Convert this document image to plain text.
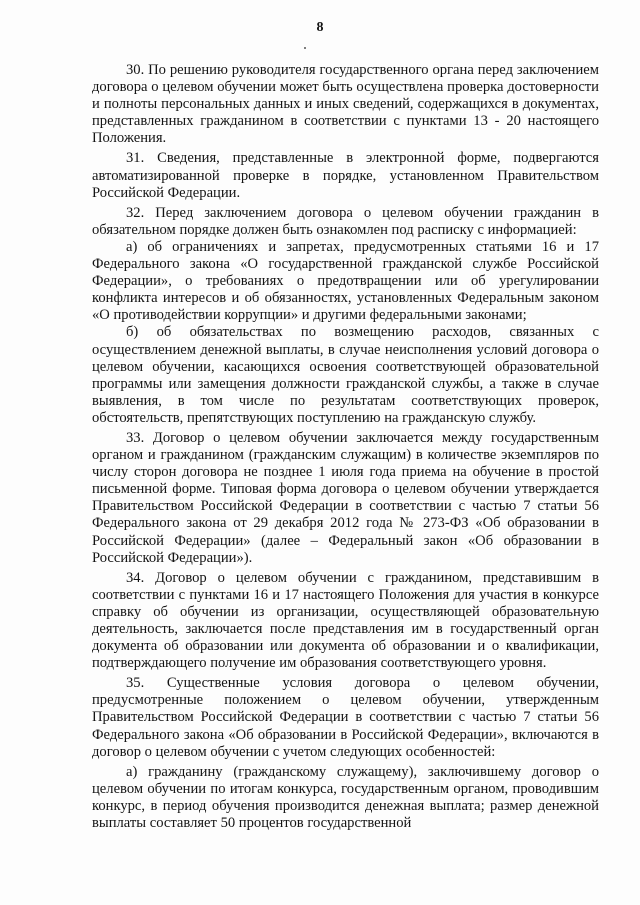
8

30. По решению руководителя государственного органа перед заключением договора о целевом обучении может быть осуществлена проверка достоверности и полноты персональных данных и иных сведений, содержащихся в документах, представленных гражданином в соответствии с пунктами 13 - 20 настоящего Положения.

31. Сведения, представленные в электронной форме, подвергаются автоматизированной проверке в порядке, установленном Правительством Российской Федерации.

32. Перед заключением договора о целевом обучении гражданин в обязательном порядке должен быть ознакомлен под расписку с информацией:

а) об ограничениях и запретах, предусмотренных статьями 16 и 17 Федерального закона «О государственной гражданской службе Российской Федерации», о требованиях о предотвращении или об урегулировании конфликта интересов и об обязанностях, установленных Федеральным законом «О противодействии коррупции» и другими федеральными законами;

б) об обязательствах по возмещению расходов, связанных с осуществлением денежной выплаты, в случае неисполнения условий договора о целевом обучении, касающихся освоения соответствующей образовательной программы или замещения должности гражданской службы, а также в случае выявления, в том числе по результатам соответствующих проверок, обстоятельств, препятствующих поступлению на гражданскую службу.

33. Договор о целевом обучении заключается между государственным органом и гражданином (гражданским служащим) в количестве экземпляров по числу сторон договора не позднее 1 июля года приема на обучение в простой письменной форме. Типовая форма договора о целевом обучении утверждается Правительством Российской Федерации в соответствии с частью 7 статьи 56 Федерального закона от 29 декабря 2012 года № 273-ФЗ «Об образовании в Российской Федерации» (далее – Федеральный закон «Об образовании в Российской Федерации»).

34. Договор о целевом обучении с гражданином, представившим в соответствии с пунктами 16 и 17 настоящего Положения для участия в конкурсе справку об обучении из организации, осуществляющей образовательную деятельность, заключается после представления им в государственный орган документа об образовании или документа об образовании и о квалификации, подтверждающего получение им образования соответствующего уровня.

35. Существенные условия договора о целевом обучении, предусмотренные положением о целевом обучении, утвержденным Правительством Российской Федерации в соответствии с частью 7 статьи 56 Федерального закона «Об образовании в Российской Федерации», включаются в договор о целевом обучении с учетом следующих особенностей:

а) гражданину (гражданскому служащему), заключившему договор о целевом обучении по итогам конкурса, государственным органом, проводившим конкурс, в период обучения производится денежная выплата; размер денежной выплаты составляет 50 процентов государственной
